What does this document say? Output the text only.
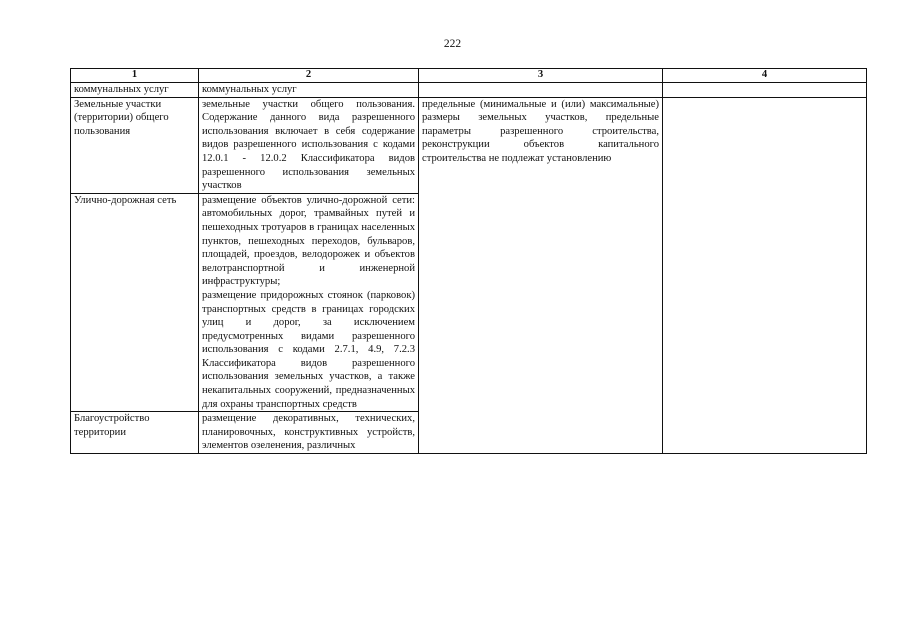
222
1	2	3	4
коммунальных услуг	коммунальных услуг		
Земельные участки (территории) общего пользования	земельные участки общего пользования. Содержание данного вида разрешенного использования включает в себя содержание видов разрешенного использования с кодами 12.0.1 - 12.0.2 Классификатора видов разрешенного использования земельных участков	предельные (минимальные и (или) максимальные) размеры земельных участков, предельные параметры разрешенного строительства, реконструкции объектов капитального строительства не подлежат установлению	
Улично-дорожная сеть	размещение объектов улично-дорожной сети: автомобильных дорог, трамвайных путей и пешеходных тротуаров в границах населенных пунктов, пешеходных переходов, бульваров, площадей, проездов, велодорожек и объектов велотранспортной и инженерной инфраструктуры;
размещение придорожных стоянок (парковок) транспортных средств в границах городских улиц и дорог, за исключением предусмотренных видами разрешенного использования с кодами 2.7.1, 4.9, 7.2.3 Классификатора видов разрешенного использования земельных участков, а также некапитальных сооружений, предназначенных для охраны транспортных средств		

Благоустройство территории	размещение декоративных, технических, планировочных, конструктивных устройств, элементов озеленения, различных		
